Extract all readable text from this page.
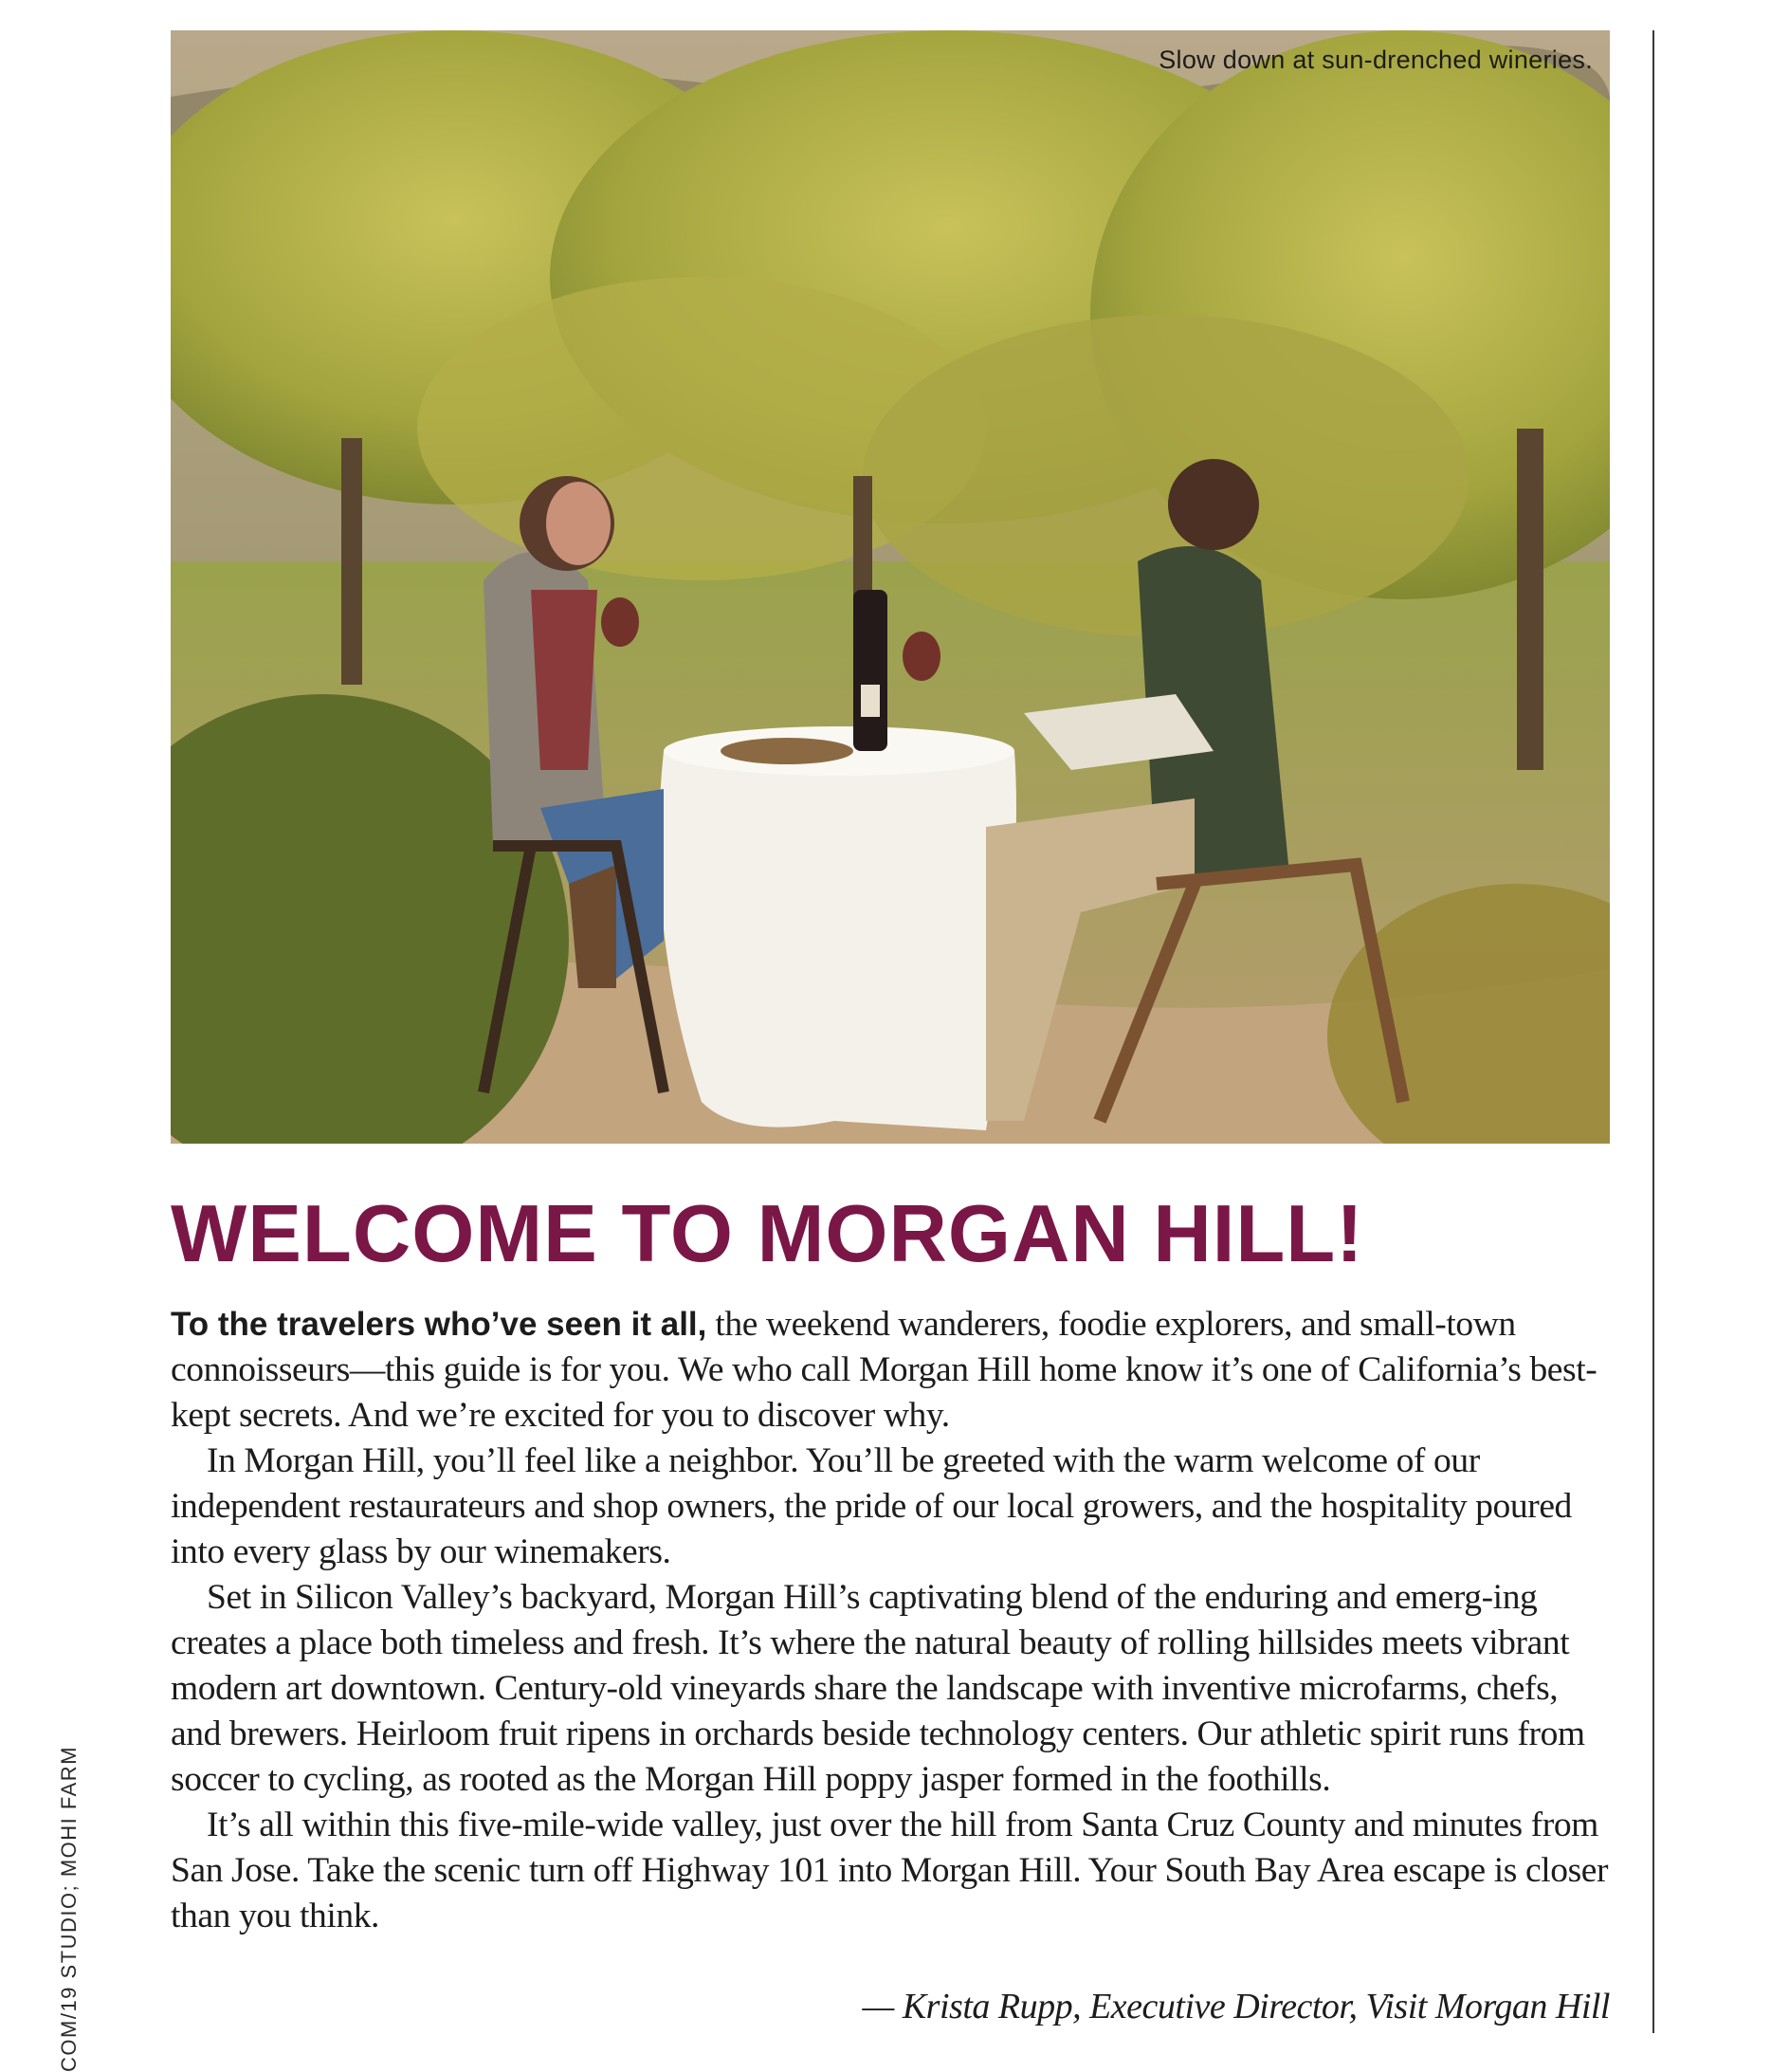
COM/19 STUDIO; MOHI FARM
Slow down at sun-drenched wineries.
WELCOME TO MORGAN HILL!

To the travelers who’ve seen it all, the weekend wanderers, foodie explorers, and small-town connoisseurs—this guide is for you. We who call Morgan Hill home know it’s one of California’s best-kept secrets. And we’re excited for you to discover why.

In Morgan Hill, you’ll feel like a neighbor. You’ll be greeted with the warm welcome of our independent restaurateurs and shop owners, the pride of our local growers, and the hospitality poured into every glass by our winemakers.

Set in Silicon Valley’s backyard, Morgan Hill’s captivating blend of the enduring and emerg-ing creates a place both timeless and fresh. It’s where the natural beauty of rolling hillsides meets vibrant modern art downtown. Century-old vineyards share the landscape with inventive microfarms, chefs, and brewers. Heirloom fruit ripens in orchards beside technology centers. Our athletic spirit runs from soccer to cycling, as rooted as the Morgan Hill poppy jasper formed in the foothills.

It’s all within this five-mile-wide valley, just over the hill from Santa Cruz County and minutes from San Jose. Take the scenic turn off Highway 101 into Morgan Hill. Your South Bay Area escape is closer than you think.

— Krista Rupp, Executive Director, Visit Morgan Hill
